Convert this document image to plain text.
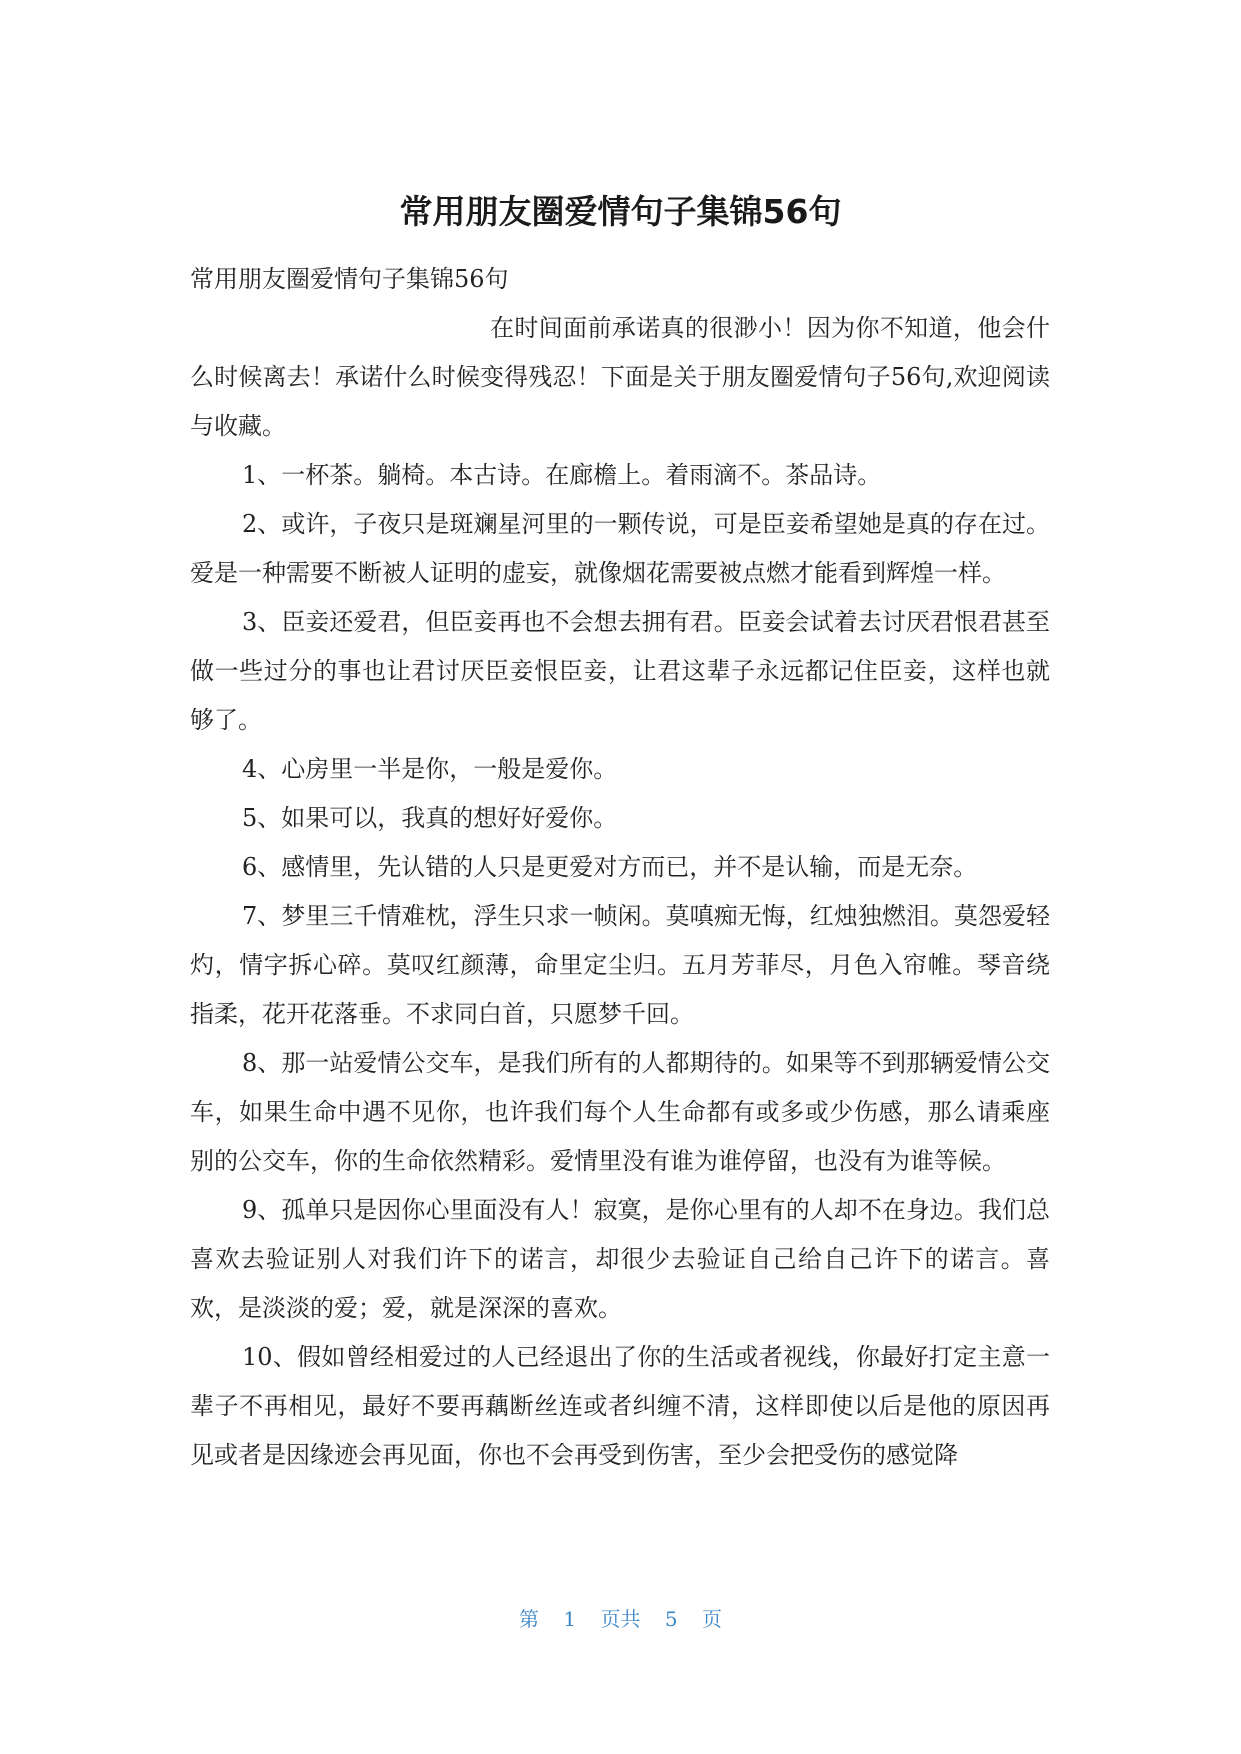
常用朋友圈爱情句子集锦56句

常用朋友圈爱情句子集锦56句

在时间面前承诺真的很渺小！因为你不知道，他会什么时候离去！承诺什么时候变得残忍！下面是关于朋友圈爱情句子56句,欢迎阅读与收藏。

1、一杯茶。躺椅。本古诗。在廊檐上。着雨滴不。茶品诗。

2、或许，子夜只是斑斓星河里的一颗传说，可是臣妾希望她是真的存在过。爱是一种需要不断被人证明的虚妄，就像烟花需要被点燃才能看到辉煌一样。

3、臣妾还爱君，但臣妾再也不会想去拥有君。臣妾会试着去讨厌君恨君甚至做一些过分的事也让君讨厌臣妾恨臣妾，让君这辈子永远都记住臣妾，这样也就够了。

4、心房里一半是你，一般是爱你。

5、如果可以，我真的想好好爱你。

6、感情里，先认错的人只是更爱对方而已，并不是认输，而是无奈。

7、梦里三千情难枕，浮生只求一帧闲。莫嗔痴无悔，红烛独燃泪。莫怨爱轻灼，情字拆心碎。莫叹红颜薄，命里定尘归。五月芳菲尽，月色入帘帷。琴音绕指柔，花开花落垂。不求同白首，只愿梦千回。

8、那一站爱情公交车，是我们所有的人都期待的。如果等不到那辆爱情公交车，如果生命中遇不见你，也许我们每个人生命都有或多或少伤感，那么请乘座别的公交车，你的生命依然精彩。爱情里没有谁为谁停留，也没有为谁等候。

9、孤单只是因你心里面没有人！寂寞，是你心里有的人却不在身边。我们总喜欢去验证别人对我们许下的诺言，却很少去验证自己给自己许下的诺言。喜欢，是淡淡的爱；爱，就是深深的喜欢。

10、假如曾经相爱过的人已经退出了你的生活或者视线，你最好打定主意一辈子不再相见，最好不要再藕断丝连或者纠缠不清，这样即使以后是他的原因再见或者是因缘迹会再见面，你也不会再受到伤害，至少会把受伤的感觉降

第 1 页共 5 页
